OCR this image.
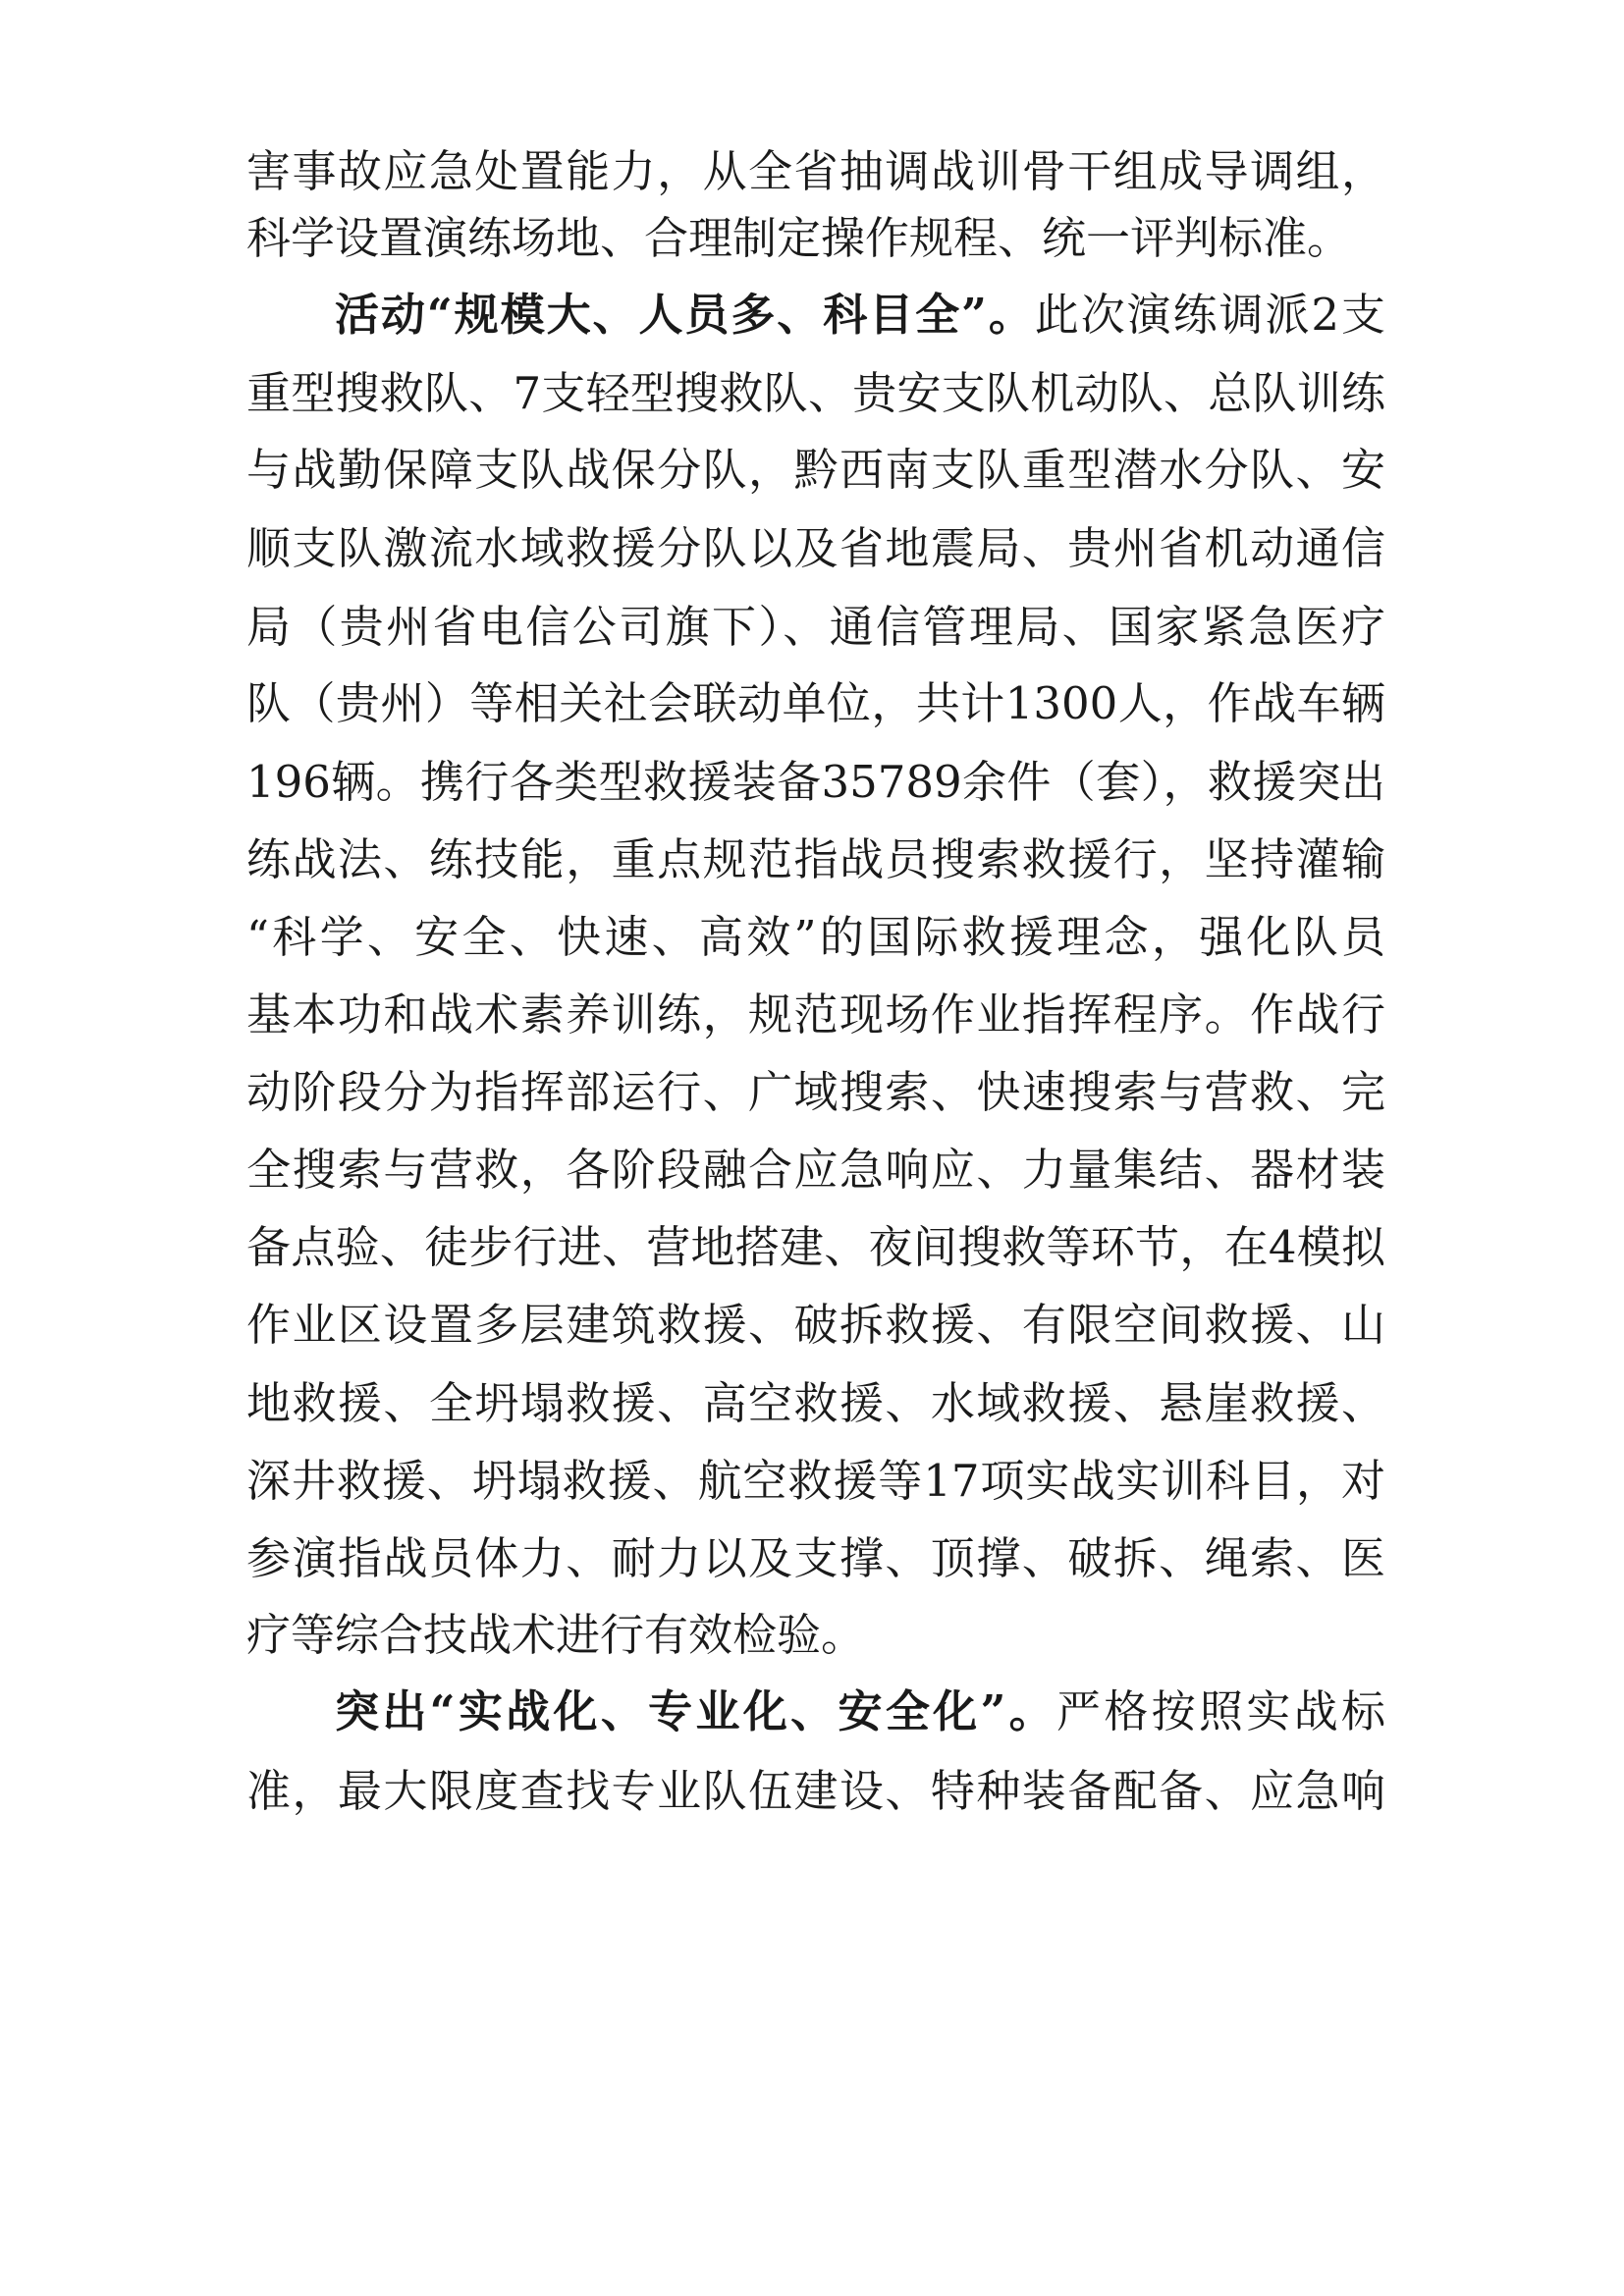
害事故应急处置能力，从全省抽调战训骨干组成导调组，
科学设置演练场地、合理制定操作规程、统一评判标准。
活动“规模大、人员多、科目全”。此次演练调派2支
重型搜救队、7支轻型搜救队、贵安支队机动队、总队训练
与战勤保障支队战保分队，黔西南支队重型潜水分队、安
顺支队激流水域救援分队以及省地震局、贵州省机动通信
局（贵州省电信公司旗下）、通信管理局、国家紧急医疗
队（贵州）等相关社会联动单位，共计1300人，作战车辆
196辆。携行各类型救援装备35789余件（套），救援突出
练战法、练技能，重点规范指战员搜索救援行，坚持灌输
“科学、安全、快速、高效”的国际救援理念，强化队员
基本功和战术素养训练，规范现场作业指挥程序。作战行
动阶段分为指挥部运行、广域搜索、快速搜索与营救、完
全搜索与营救，各阶段融合应急响应、力量集结、器材装
备点验、徒步行进、营地搭建、夜间搜救等环节，在4模拟
作业区设置多层建筑救援、破拆救援、有限空间救援、山
地救援、全坍塌救援、高空救援、水域救援、悬崖救援、
深井救援、坍塌救援、航空救援等17项实战实训科目，对
参演指战员体力、耐力以及支撑、顶撑、破拆、绳索、医
疗等综合技战术进行有效检验。
突出“实战化、专业化、安全化”。严格按照实战标
准，最大限度查找专业队伍建设、特种装备配备、应急响
